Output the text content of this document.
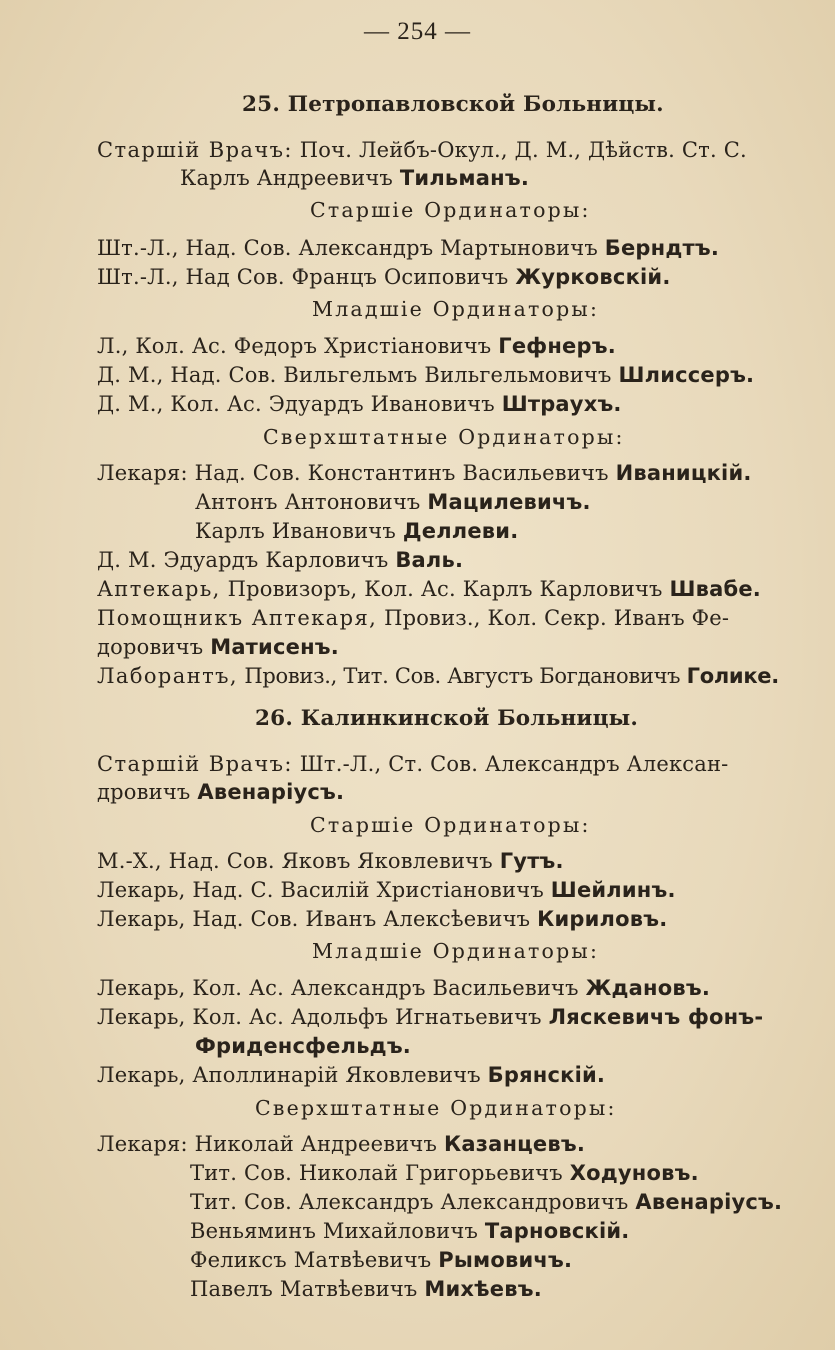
— 254 —
25. Петропавловской Больницы.
Старшій Врачъ: Поч. Лейбъ-Окул., Д. М., Дѣйств. Ст. С.
Карлъ Андреевичъ Тильманъ.
Старшіе Ординаторы:
Шт.-Л., Над. Сов. Александръ Мартыновичъ Берндтъ.
Шт.-Л., Над Сов. Францъ Осиповичъ Журковскій.
Младшіе Ординаторы:
Л., Кол. Ас. Федоръ Христіановичъ Гефнеръ.
Д. М., Над. Сов. Вильгельмъ Вильгельмовичъ Шлиссеръ.
Д. М., Кол. Ас. Эдуардъ Ивановичъ Штраухъ.
Сверхштатные Ординаторы:
Лекаря: Над. Сов. Константинъ Васильевичъ Иваницкій.
Антонъ Антоновичъ Мацилевичъ.
Карлъ Ивановичъ Деллеви.
Д. М. Эдуардъ Карловичъ Валь.
Аптекарь, Провизоръ, Кол. Ас. Карлъ Карловичъ Швабе.
Помощникъ Аптекаря, Провиз., Кол. Секр. Иванъ Фе-
доровичъ Матисенъ.
Лаборантъ, Провиз., Тит. Сов. Августъ Богдановичъ Голике.
26. Калинкинской Больницы.
Старшій Врачъ: Шт.-Л., Ст. Сов. Александръ Алексан-
дровичъ Авенаріусъ.
Старшіе Ординаторы:
М.-Х., Над. Сов. Яковъ Яковлевичъ Гутъ.
Лекарь, Над. С. Василій Христіановичъ Шейлинъ.
Лекарь, Над. Сов. Иванъ Алексѣевичъ Кириловъ.
Младшіе Ординаторы:
Лекарь, Кол. Ас. Александръ Васильевичъ Ждановъ.
Лекарь, Кол. Ас. Адольфъ Игнатьевичъ Ляскевичъ фонъ-
Фриденсфельдъ.
Лекарь, Аполлинарій Яковлевичъ Брянскій.
Сверхштатные Ординаторы:
Лекаря: Николай Андреевичъ Казанцевъ.
Тит. Сов. Николай Григорьевичъ Ходуновъ.
Тит. Сов. Александръ Александровичъ Авенаріусъ.
Веньяминъ Михайловичъ Тарновскій.
Феликсъ Матвѣевичъ Рымовичъ.
Павелъ Матвѣевичъ Михѣевъ.
